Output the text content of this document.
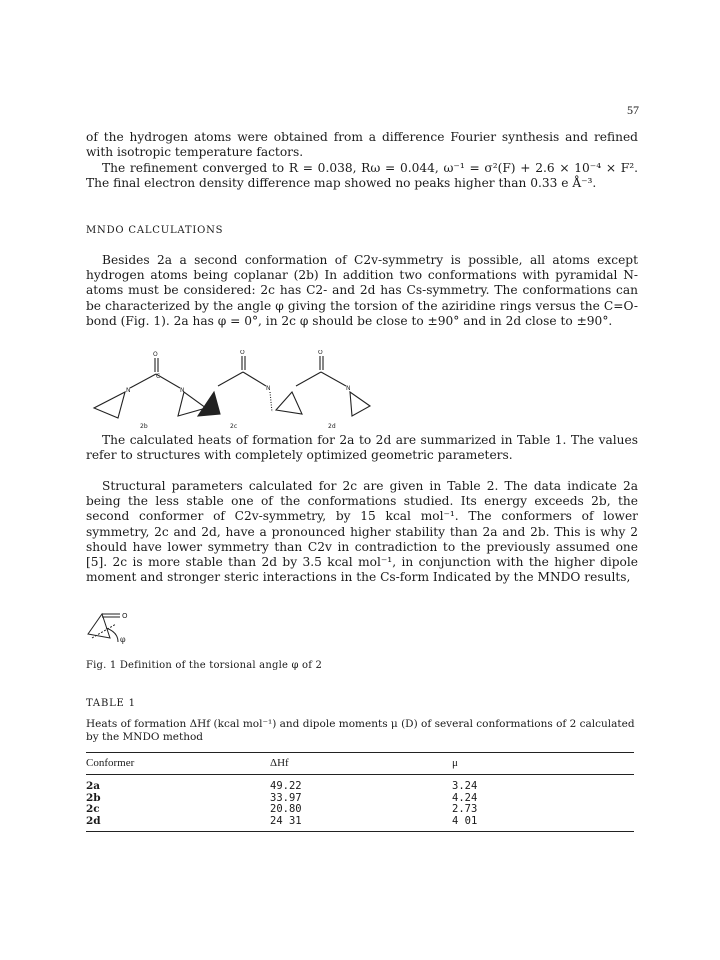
57

of the hydrogen atoms were obtained from a difference Fourier synthesis and refined with isotropic temperature factors.

The refinement converged to R = 0.038, Rω = 0.044, ω⁻¹ = σ²(F) + 2.6 × 10⁻⁴ × F². The final electron density difference map showed no peaks higher than 0.33 e Å⁻³.

MNDO CALCULATIONS

Besides 2a a second conformation of C2v-symmetry is possible, all atoms except hydrogen atoms being coplanar (2b) In addition two conformations with pyramidal N-atoms must be considered: 2c has C2- and 2d has Cs-symmetry. The conformations can be characterized by the angle φ giving the torsion of the aziridine rings versus the C=O-bond (Fig. 1). 2a has φ = 0°, in 2c φ should be close to ±90° and in 2d close to ±90°.

O	O	O
N	N	N	N
C
2b	2c	2d

The calculated heats of formation for 2a to 2d are summarized in Table 1. The values refer to structures with completely optimized geometric parameters.

Structural parameters calculated for 2c are given in Table 2. The data indicate 2a being the less stable one of the conformations studied. Its energy exceeds 2b, the second conformer of C2v-symmetry, by 15 kcal mol⁻¹. The conformers of lower symmetry, 2c and 2d, have a pronounced higher stability than 2a and 2b. This is why 2 should have lower symmetry than C2v in contradiction to the previously assumed one [5]. 2c is more stable than 2d by 3.5 kcal mol⁻¹, in conjunction with the higher dipole moment and stronger steric interactions in the Cs-form Indicated by the MNDO results,

O
φ

Fig. 1 Definition of the torsional angle φ of 2

TABLE 1

Heats of formation ΔHf (kcal mol⁻¹) and dipole moments μ (D) of several conformations of 2 calculated by the MNDO method

Conformer	ΔHf	μ
2a	49.22	3.24
2b	33.97	4.24
2c	20.80	2.73
2d	24 31	4 01
